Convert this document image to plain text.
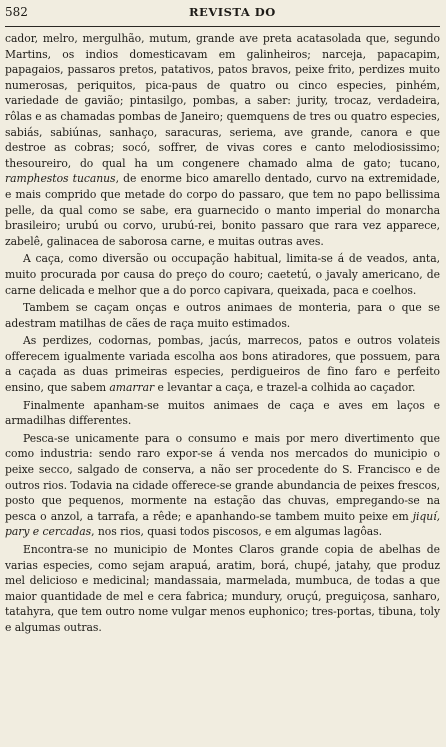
582	REVISTA DO

cador, melro, mergulhão, mutum, grande ave preta acatasolada que, segundo Martins, os indios domesticavam em galinheiros; narceja, papacapim, papagaios, passaros pretos, patativos, patos bravos, peixe frito, perdizes muito numerosas, periquitos, pica-paus de quatro ou cinco especies, pinhém, variedade de gavião; pintasilgo, pombas, a saber: jurity, trocaz, verdadeira, rôlas e as chamadas pombas de Janeiro; quemquens de tres ou quatro especies, sabiás, sabiúnas, sanhaço, saracuras, seriema, ave grande, canora e que destroe as cobras; socó, soffrer, de vivas cores e canto melodiosissimo; thesoureiro, do qual ha um congenere chamado alma de gato; tucano, ramphestos tucanus, de enorme bico amarello dentado, curvo na extremidade, e mais comprido que metade do corpo do passaro, que tem no papo bellissima pelle, da qual como se sabe, era guarnecido o manto imperial do monarcha brasileiro; urubú ou corvo, urubú-rei, bonito passaro que rara vez apparece, zabelê, galinacea de saborosa carne, e muitas outras aves.

A caça, como diversão ou occupação habitual, limita-se á de veados, anta, muito procurada por causa do preço do couro; caetetú, o javaly americano, de carne delicada e melhor que a do porco capivara, queixada, paca e coelhos.

Tambem se caçam onças e outros animaes de monteria, para o que se adestram matilhas de cães de raça muito estimados.

As perdizes, codornas, pombas, jacús, marrecos, patos e outros volateis offerecem igualmente variada escolha aos bons atiradores, que possuem, para a caçada as duas primeiras especies, perdigueiros de fino faro e perfeito ensino, que sabem amarrar e levantar a caça, e trazel-a colhida ao caçador.

Finalmente apanham-se muitos animaes de caça e aves em laços e armadilhas differentes.

Pesca-se unicamente para o consumo e mais por mero divertimento que como industria: sendo raro expor-se á venda nos mercados do municipio o peixe secco, salgado de conserva, a não ser procedente do S. Francisco e de outros rios. Todavia na cidade offerece-se grande abundancia de peixes frescos, posto que pequenos, mormente na estação das chuvas, empregando-se na pesca o anzol, a tarrafa, a rêde; e apanhando-se tambem muito peixe em jiquí, pary e cercadas, nos rios, quasi todos piscosos, e em algumas lagôas.

Encontra-se no municipio de Montes Claros grande copia de abelhas de varias especies, como sejam arapuá, aratim, borá, chupé, jatahy, que produz mel delicioso e medicinal; mandassaia, marmelada, mumbuca, de todas a que maior quantidade de mel e cera fabrica; mundury, oruçú, preguiçosa, sanharo, tatahyra, que tem outro nome vulgar menos euphonico; tres-portas, tibuna, toly e algumas outras.
